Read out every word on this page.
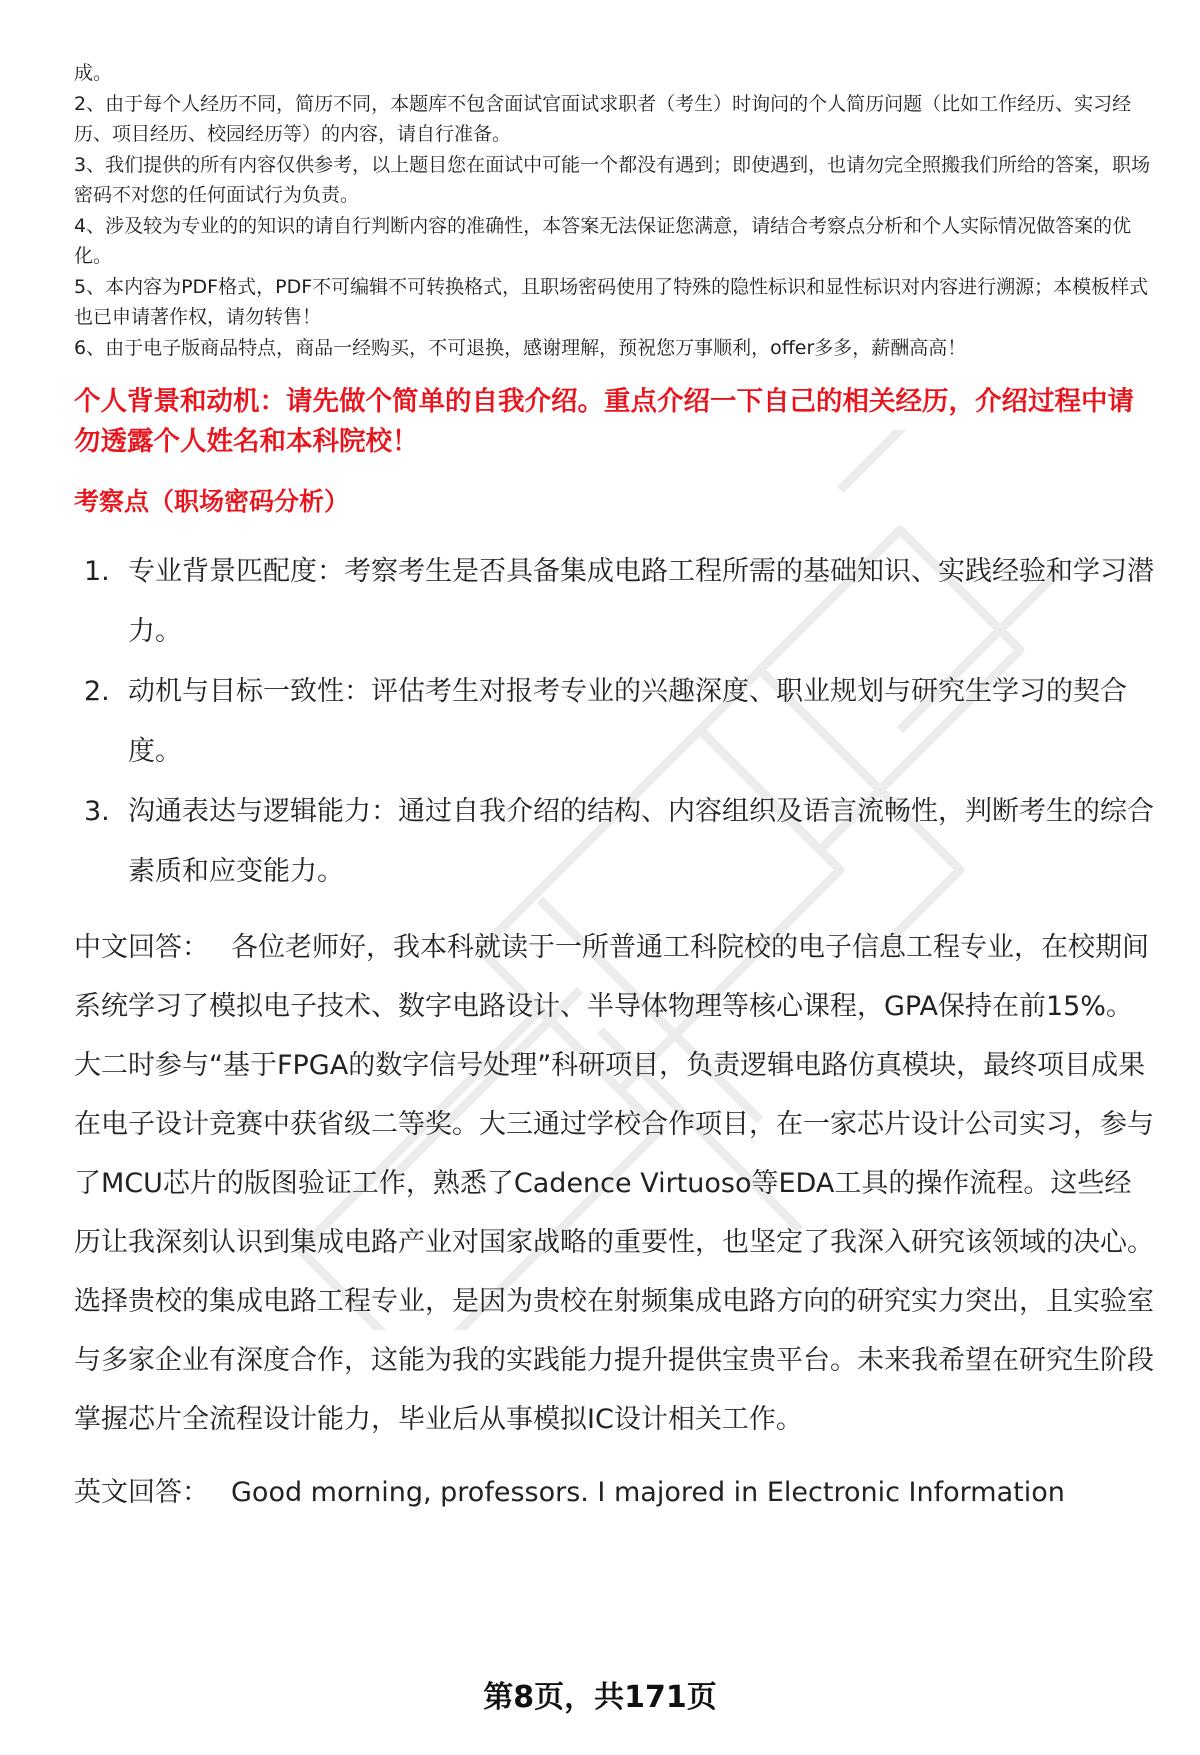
成。

2、由于每个人经历不同，简历不同，本题库不包含面试官面试求职者（考生）时询问的个人简历问题（比如工作经历、实习经历、项目经历、校园经历等）的内容，请自行准备。

3、我们提供的所有内容仅供参考，以上题目您在面试中可能一个都没有遇到；即使遇到，也请勿完全照搬我们所给的答案，职场密码不对您的任何面试行为负责。

4、涉及较为专业的的知识的请自行判断内容的准确性，本答案无法保证您满意，请结合考察点分析和个人实际情况做答案的优化。

5、本内容为PDF格式，PDF不可编辑不可转换格式，且职场密码使用了特殊的隐性标识和显性标识对内容进行溯源；本模板样式也已申请著作权，请勿转售！

6、由于电子版商品特点，商品一经购买，不可退换，感谢理解，预祝您万事顺利，offer多多，薪酬高高！

个人背景和动机：请先做个简单的自我介绍。重点介绍一下自己的相关经历，介绍过程中请勿透露个人姓名和本科院校！
考察点（职场密码分析）
1. 专业背景匹配度：考察考生是否具备集成电路工程所需的基础知识、实践经验和学习潜力。
2. 动机与目标一致性：评估考生对报考专业的兴趣深度、职业规划与研究生学习的契合度。
3. 沟通表达与逻辑能力：通过自我介绍的结构、内容组织及语言流畅性，判断考生的综合素质和应变能力。

中文回答： 各位老师好，我本科就读于一所普通工科院校的电子信息工程专业，在校期间系统学习了模拟电子技术、数字电路设计、半导体物理等核心课程，GPA保持在前15%。大二时参与“基于FPGA的数字信号处理”科研项目，负责逻辑电路仿真模块，最终项目成果在电子设计竞赛中获省级二等奖。大三通过学校合作项目，在一家芯片设计公司实习，参与了MCU芯片的版图验证工作，熟悉了Cadence Virtuoso等EDA工具的操作流程。这些经历让我深刻认识到集成电路产业对国家战略的重要性，也坚定了我深入研究该领域的决心。选择贵校的集成电路工程专业，是因为贵校在射频集成电路方向的研究实力突出，且实验室与多家企业有深度合作，这能为我的实践能力提升提供宝贵平台。未来我希望在研究生阶段掌握芯片全流程设计能力，毕业后从事模拟IC设计相关工作。

英文回答： Good morning, professors. I majored in Electronic Information

第8页，共171页
